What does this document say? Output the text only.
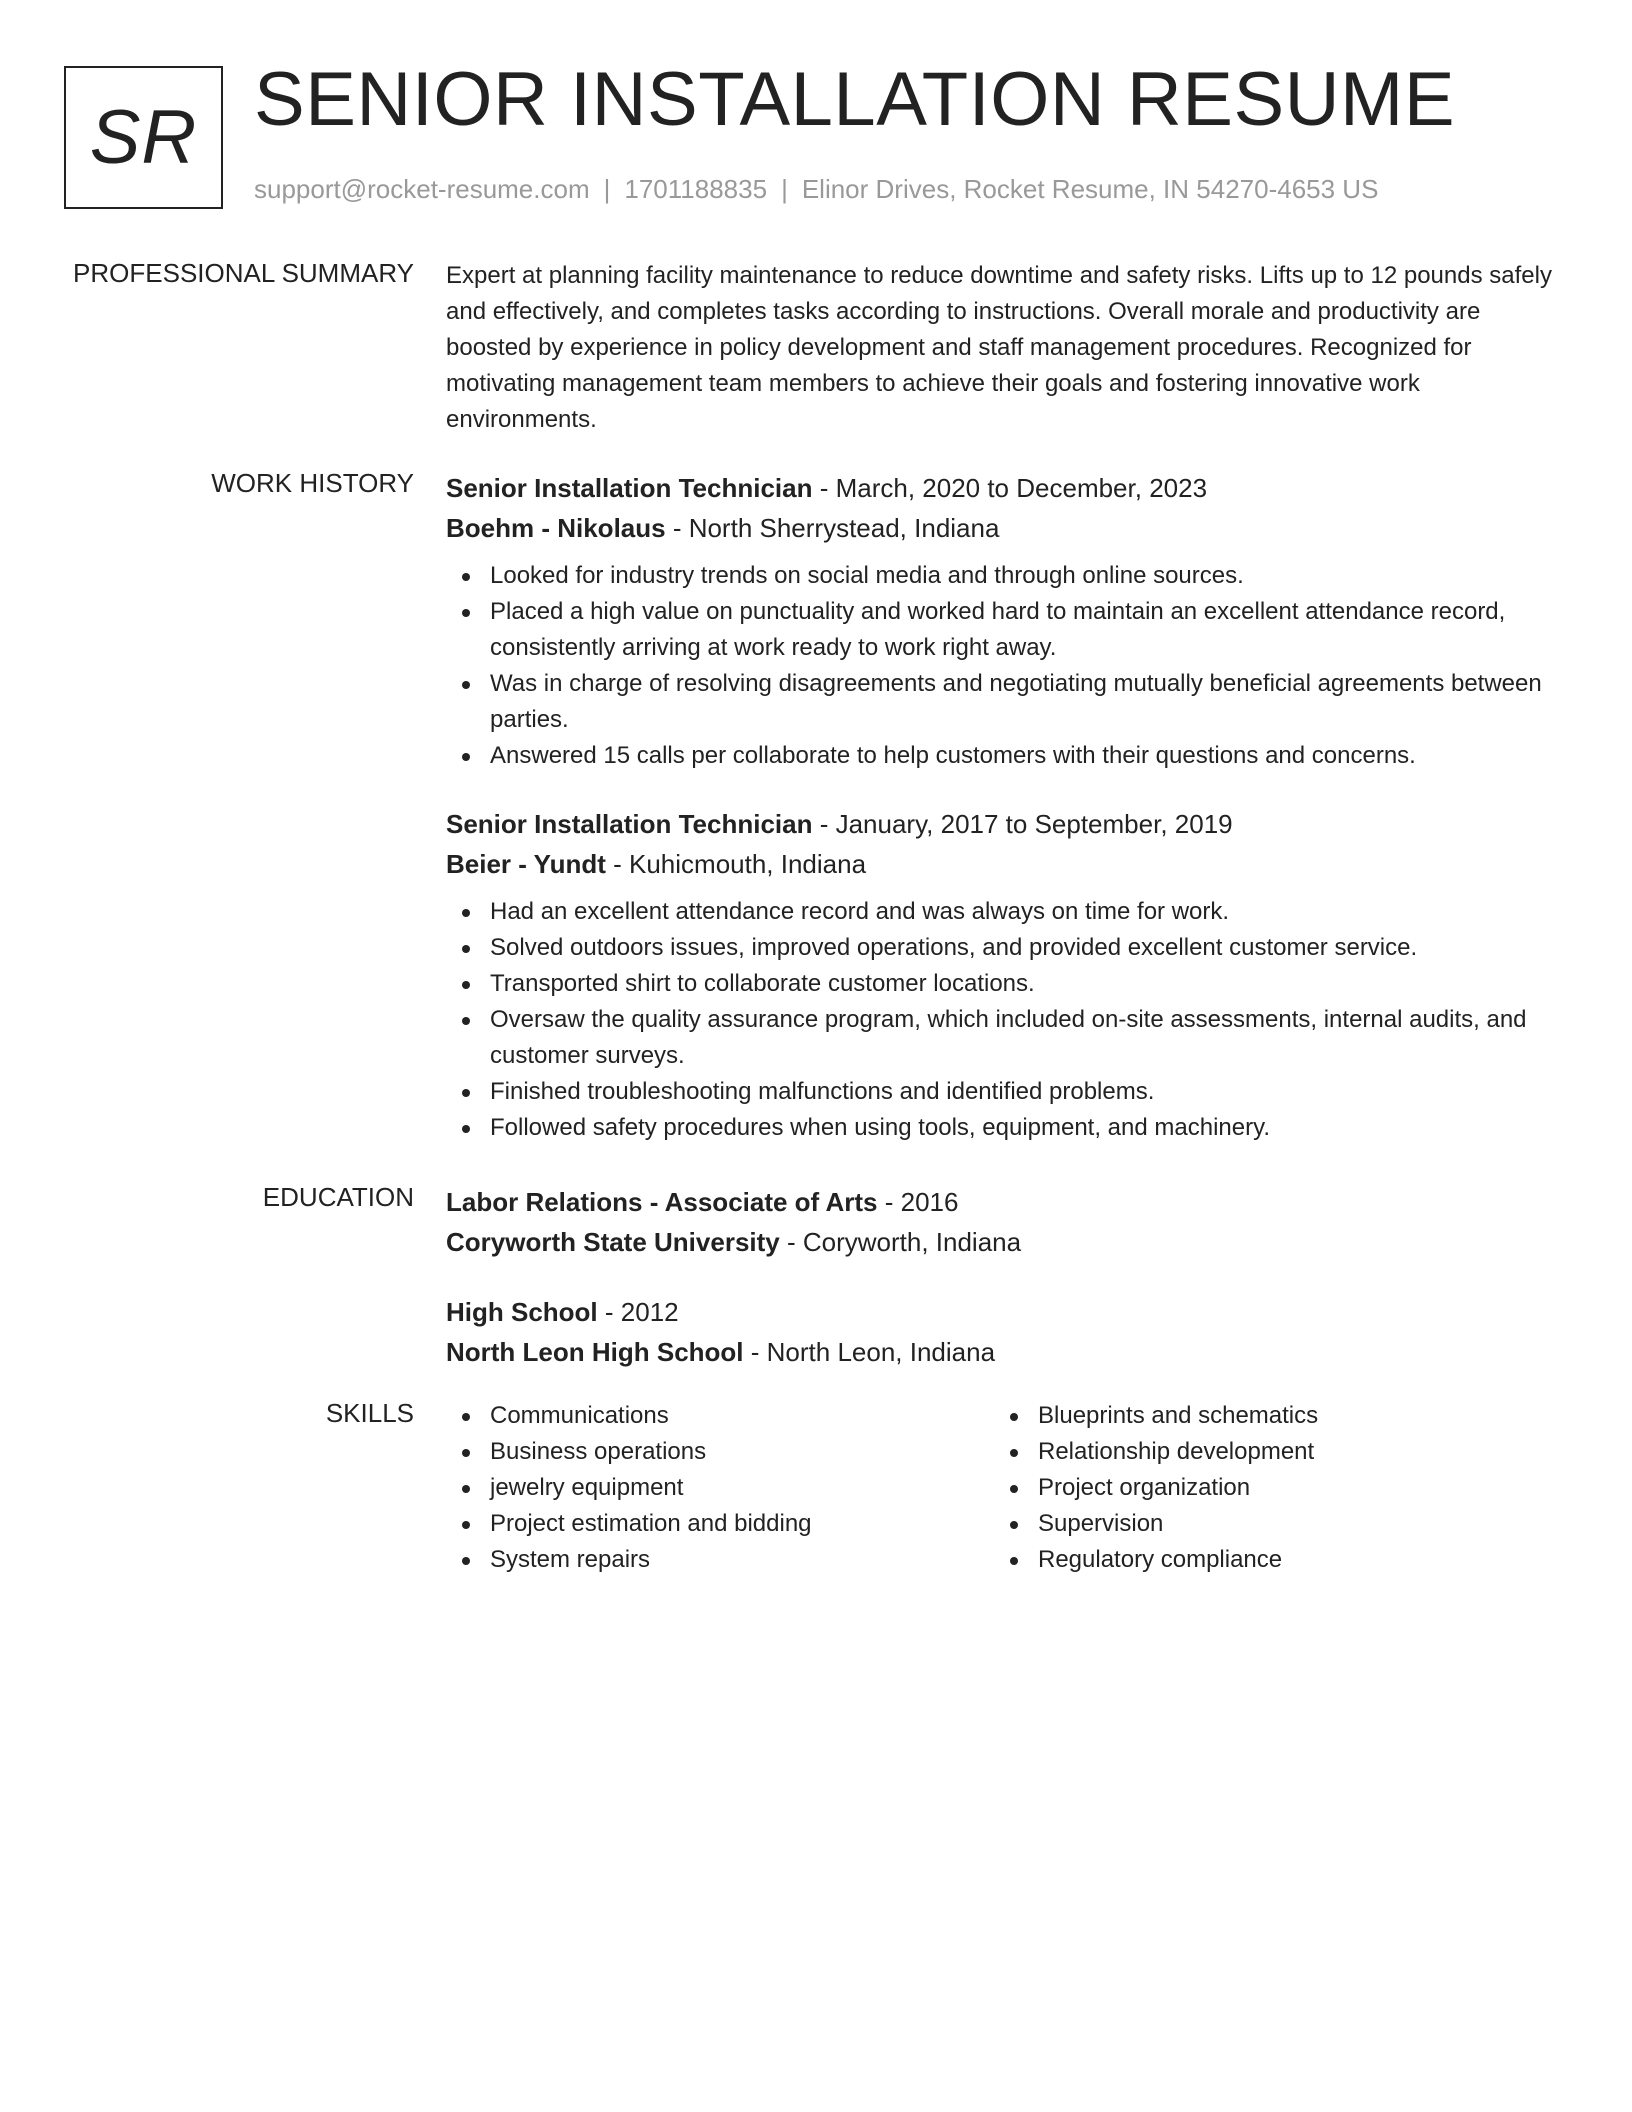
SR SENIOR INSTALLATION RESUME
support@rocket-resume.com | 1701188835 | Elinor Drives, Rocket Resume, IN 54270-4653 US
PROFESSIONAL SUMMARY Expert at planning facility maintenance to reduce downtime and safety risks. Lifts up to 12 pounds safely and effectively, and completes tasks according to instructions. Overall morale and productivity are boosted by experience in policy development and staff management procedures. Recognized for motivating management team members to achieve their goals and fostering innovative work environments.

WORK HISTORY Senior Installation Technician - March, 2020 to December, 2023
Boehm - Nikolaus - North Sherrystead, Indiana
Looked for industry trends on social media and through online sources.
Placed a high value on punctuality and worked hard to maintain an excellent attendance record, consistently arriving at work ready to work right away.
Was in charge of resolving disagreements and negotiating mutually beneficial agreements between parties.
Answered 15 calls per collaborate to help customers with their questions and concerns.
Senior Installation Technician - January, 2017 to September, 2019
Beier - Yundt - Kuhicmouth, Indiana
Had an excellent attendance record and was always on time for work.
Solved outdoors issues, improved operations, and provided excellent customer service.
Transported shirt to collaborate customer locations.
Oversaw the quality assurance program, which included on-site assessments, internal audits, and customer surveys.
Finished troubleshooting malfunctions and identified problems.
Followed safety procedures when using tools, equipment, and machinery.
EDUCATION Labor Relations - Associate of Arts - 2016
Coryworth State University - Coryworth, Indiana
High School - 2012
North Leon High School - North Leon, Indiana
SKILLS	Communications
Business operations
jewelry equipment
Project estimation and bidding
System repairs
Blueprints and schematics
Relationship development
Project organization
Supervision
Regulatory compliance
